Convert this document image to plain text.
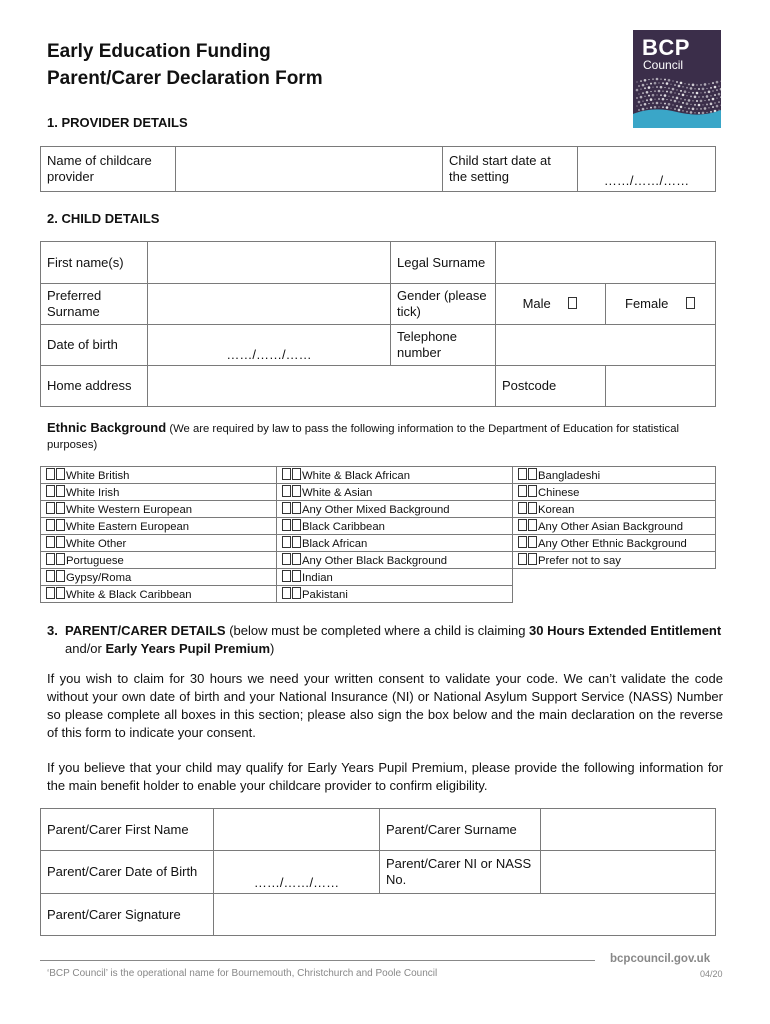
Early Education Funding
Parent/Carer Declaration Form
BCP
Council
1. PROVIDER DETAILS
Name of childcare provider		Child start date at the setting	……/……/……
2. CHILD DETAILS
First name(s)		Legal Surname		
Preferred Surname		Gender (please tick)	Male	Female
Date of birth	……/……/……	Telephone number		
Home address			Postcode	
Ethnic Background (We are required by law to pass the following information to the Department of Education for statistical purposes)
White British	White & Black African	Bangladeshi
White Irish	White & Asian	Chinese
White Western European	Any Other Mixed Background	Korean
White Eastern European	Black Caribbean	Any Other Asian Background
White Other	Black African	Any Other Ethnic Background
Portuguese	Any Other Black Background	Prefer not to say
Gypsy/Roma	Indian	
White & Black Caribbean	Pakistani	
3. PARENT/CARER DETAILS (below must be completed where a child is claiming 30 Hours Extended Entitlement and/or Early Years Pupil Premium)
If you wish to claim for 30 hours we need your written consent to validate your code. We can’t validate the code without your own date of birth and your National Insurance (NI) or National Asylum Support Service (NASS) Number so please complete all boxes in this section; please also sign the box below and the main declaration on the reverse of this form to indicate your consent.
If you believe that your child may qualify for Early Years Pupil Premium, please provide the following information for the main benefit holder to enable your childcare provider to confirm eligibility.
Parent/Carer First Name		Parent/Carer Surname	
Parent/Carer Date of Birth	……/……/……	Parent/Carer NI or NASS No.	
Parent/Carer Signature			
bcpcouncil.gov.uk
‘BCP Council’ is the operational name for Bournemouth, Christchurch and Poole Council	04/20
